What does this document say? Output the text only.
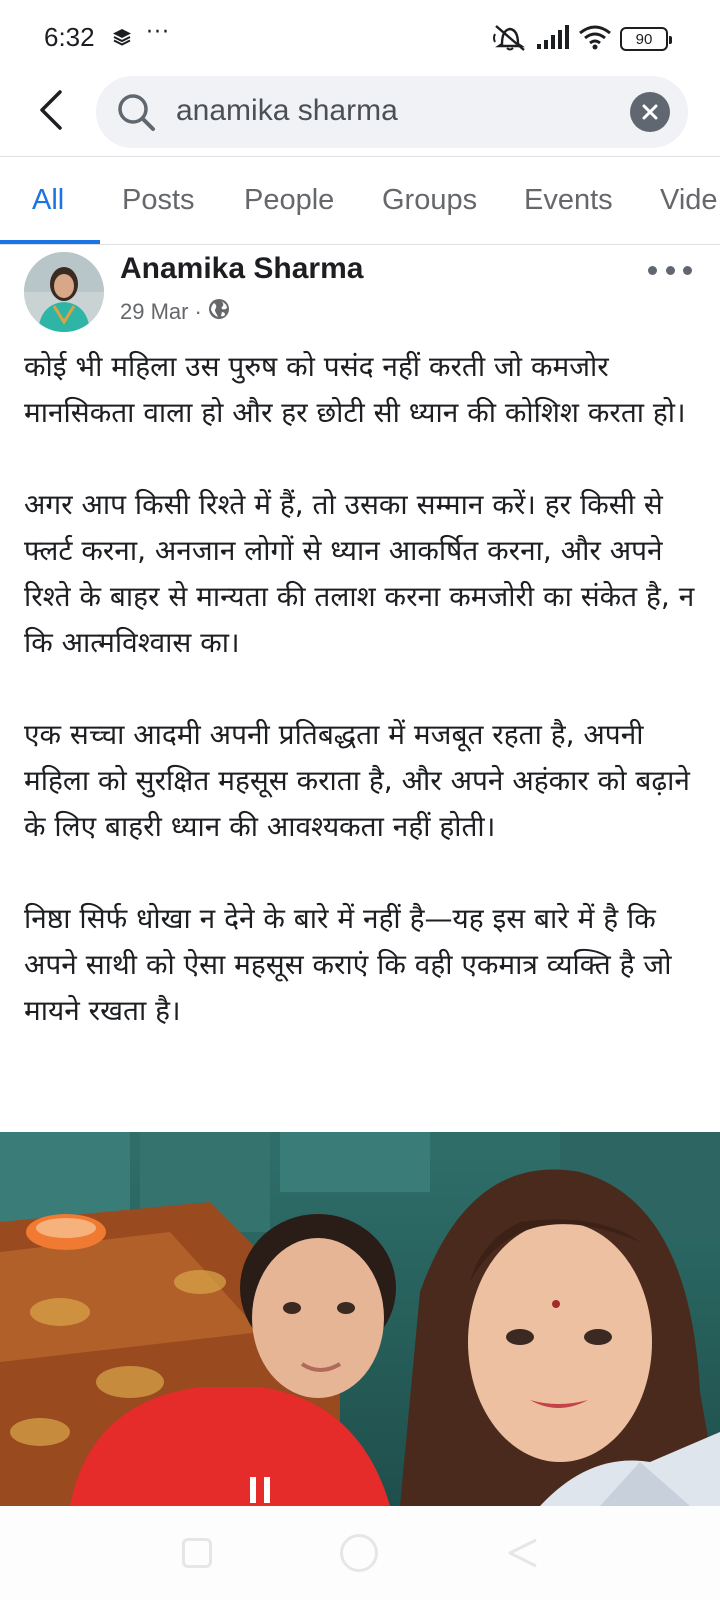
6:32 ···	90
anamika sharma
All Posts People Groups Events Vide
Anamika Sharma
29 Mar ·

कोई भी महिला उस पुरुष को पसंद नहीं करती जो कमजोर मानसिकता वाला हो और हर छोटी सी ध्यान की कोशिश करता हो।

अगर आप किसी रिश्ते में हैं, तो उसका सम्मान करें। हर किसी से फ्लर्ट करना, अनजान लोगों से ध्यान आकर्षित करना, और अपने रिश्ते के बाहर से मान्यता की तलाश करना कमजोरी का संकेत है, न कि आत्मविश्वास का।

एक सच्चा आदमी अपनी प्रतिबद्धता में मजबूत रहता है, अपनी महिला को सुरक्षित महसूस कराता है, और अपने अहंकार को बढ़ाने के लिए बाहरी ध्यान की आवश्यकता नहीं होती।

निष्ठा सिर्फ धोखा न देने के बारे में नहीं है—यह इस बारे में है कि अपने साथी को ऐसा महसूस कराएं कि वही एकमात्र व्यक्ति है जो मायने रखता है।
